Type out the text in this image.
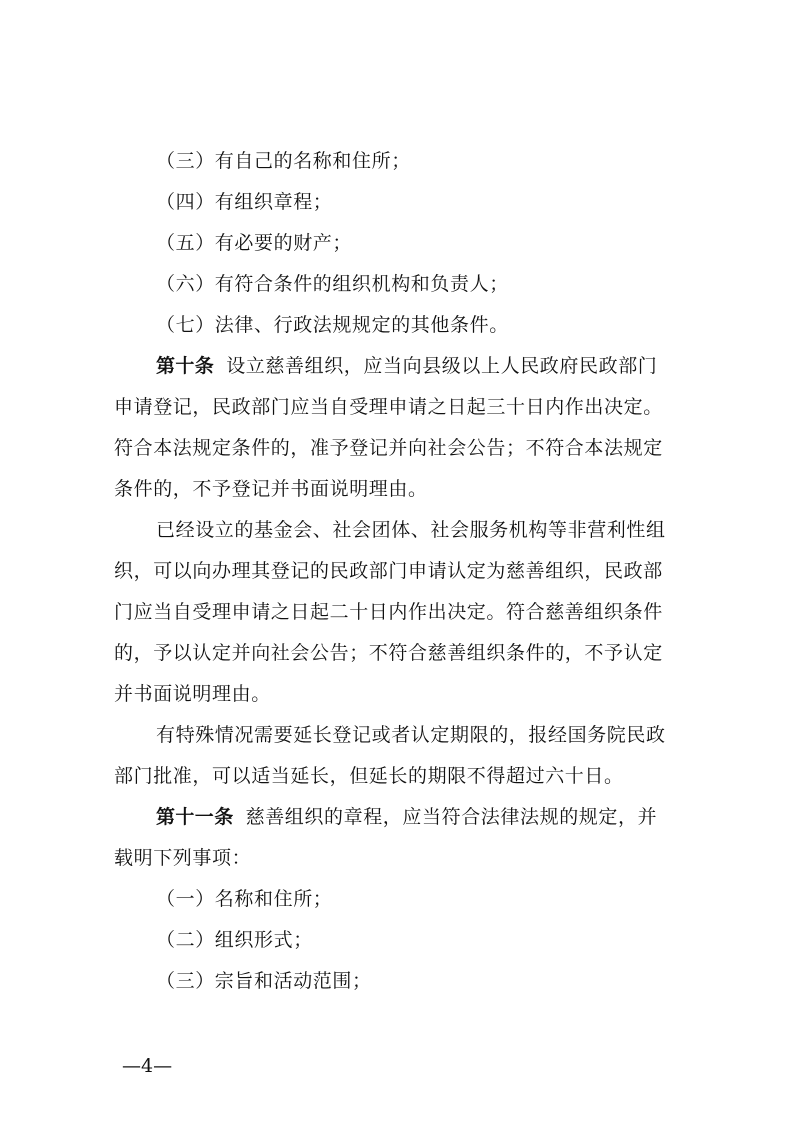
（三）有自己的名称和住所；
（四）有组织章程；
（五）有必要的财产；
（六）有符合条件的组织机构和负责人；
（七）法律、行政法规规定的其他条件。
第十条 设立慈善组织，应当向县级以上人民政府民政部门
申请登记，民政部门应当自受理申请之日起三十日内作出决定。
符合本法规定条件的，准予登记并向社会公告；不符合本法规定
条件的，不予登记并书面说明理由。
已经设立的基金会、社会团体、社会服务机构等非营利性组
织，可以向办理其登记的民政部门申请认定为慈善组织，民政部
门应当自受理申请之日起二十日内作出决定。符合慈善组织条件
的，予以认定并向社会公告；不符合慈善组织条件的，不予认定
并书面说明理由。
有特殊情况需要延长登记或者认定期限的，报经国务院民政
部门批准，可以适当延长，但延长的期限不得超过六十日。
第十一条 慈善组织的章程，应当符合法律法规的规定，并
载明下列事项：
（一）名称和住所；
（二）组织形式；
（三）宗旨和活动范围；
—4—
